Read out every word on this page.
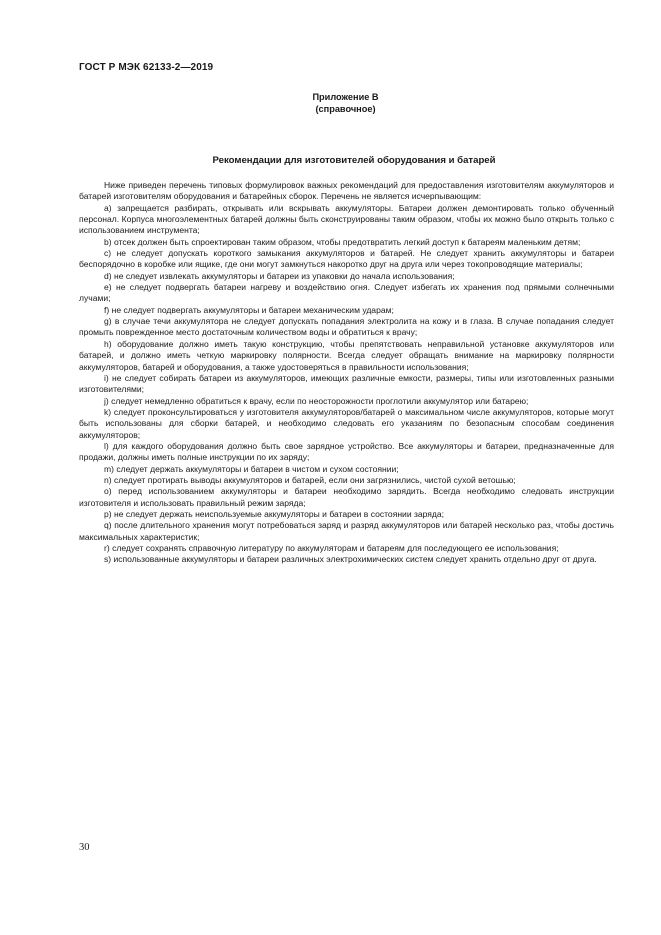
ГОСТ Р МЭК 62133-2—2019
Приложение В
(справочное)
Рекомендации для изготовителей оборудования и батарей

Ниже приведен перечень типовых формулировок важных рекомендаций для предоставления изготовителям аккумуляторов и батарей изготовителям оборудования и батарейных сборок. Перечень не является исчерпывающим:

a) запрещается разбирать, открывать или вскрывать аккумуляторы. Батареи должен демонтировать только обученный персонал. Корпуса многоэлементных батарей должны быть сконструированы таким образом, чтобы их можно было открыть только с использованием инструмента;

b) отсек должен быть спроектирован таким образом, чтобы предотвратить легкий доступ к батареям маленьким детям;

c) не следует допускать короткого замыкания аккумуляторов и батарей. Не следует хранить аккумуляторы и батареи беспорядочно в коробке или ящике, где они могут замкнуться накоротко друг на друга или через токопроводящие материалы;

d) не следует извлекать аккумуляторы и батареи из упаковки до начала использования;

e) не следует подвергать батареи нагреву и воздействию огня. Следует избегать их хранения под прямыми солнечными лучами;

f) не следует подвергать аккумуляторы и батареи механическим ударам;

g) в случае течи аккумулятора не следует допускать попадания электролита на кожу и в глаза. В случае попадания следует промыть поврежденное место достаточным количеством воды и обратиться к врачу;

h) оборудование должно иметь такую конструкцию, чтобы препятствовать неправильной установке аккумуляторов или батарей, и должно иметь четкую маркировку полярности. Всегда следует обращать внимание на маркировку полярности аккумуляторов, батарей и оборудования, а также удостоверяться в правильности использования;

i) не следует собирать батареи из аккумуляторов, имеющих различные емкости, размеры, типы или изготовленных разными изготовителями;

j) следует немедленно обратиться к врачу, если по неосторожности проглотили аккумулятор или батарею;

k) следует проконсультироваться у изготовителя аккумуляторов/батарей о максимальном числе аккумуляторов, которые могут быть использованы для сборки батарей, и необходимо следовать его указаниям по безопасным способам соединения аккумуляторов;

l) для каждого оборудования должно быть свое зарядное устройство. Все аккумуляторы и батареи, предназначенные для продажи, должны иметь полные инструкции по их заряду;

m) следует держать аккумуляторы и батареи в чистом и сухом состоянии;

n) следует протирать выводы аккумуляторов и батарей, если они загрязнились, чистой сухой ветошью;

o) перед использованием аккумуляторы и батареи необходимо зарядить. Всегда необходимо следовать инструкции изготовителя и использовать правильный режим заряда;

p) не следует держать неиспользуемые аккумуляторы и батареи в состоянии заряда;

q) после длительного хранения могут потребоваться заряд и разряд аккумуляторов или батарей несколько раз, чтобы достичь максимальных характеристик;

r) следует сохранять справочную литературу по аккумуляторам и батареям для последующего ее использования;

s) использованные аккумуляторы и батареи различных электрохимических систем следует хранить отдельно друг от друга.

30
